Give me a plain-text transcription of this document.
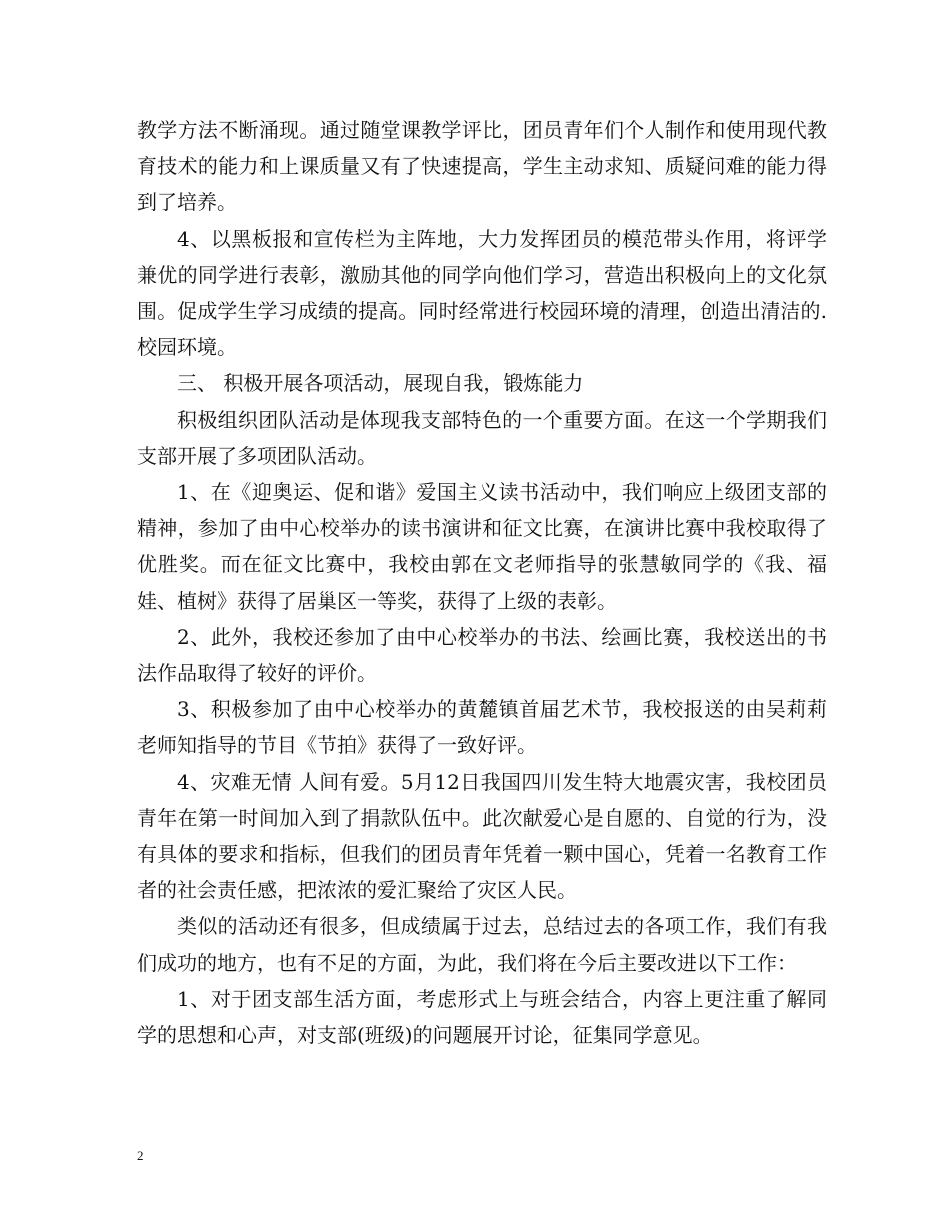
教学方法不断涌现。通过随堂课教学评比，团员青年们个人制作和使用现代教育技术的能力和上课质量又有了快速提高，学生主动求知、质疑问难的能力得到了培养。

4、以黑板报和宣传栏为主阵地，大力发挥团员的模范带头作用，将评学兼优的同学进行表彰，激励其他的同学向他们学习，营造出积极向上的文化氛围。促成学生学习成绩的提高。同时经常进行校园环境的清理，创造出清洁的.校园环境。

三、 积极开展各项活动，展现自我，锻炼能力

积极组织团队活动是体现我支部特色的一个重要方面。在这一个学期我们支部开展了多项团队活动。

1、在《迎奥运、促和谐》爱国主义读书活动中，我们响应上级团支部的精神，参加了由中心校举办的读书演讲和征文比赛，在演讲比赛中我校取得了优胜奖。而在征文比赛中，我校由郭在文老师指导的张慧敏同学的《我、福娃、植树》获得了居巢区一等奖，获得了上级的表彰。

2、此外，我校还参加了由中心校举办的书法、绘画比赛，我校送出的书法作品取得了较好的评价。

3、积极参加了由中心校举办的黄麓镇首届艺术节，我校报送的由吴莉莉老师知指导的节目《节拍》获得了一致好评。

4、灾难无情 人间有爱。5月12日我国四川发生特大地震灾害，我校团员青年在第一时间加入到了捐款队伍中。此次献爱心是自愿的、自觉的行为，没有具体的要求和指标，但我们的团员青年凭着一颗中国心，凭着一名教育工作者的社会责任感，把浓浓的爱汇聚给了灾区人民。

类似的活动还有很多，但成绩属于过去，总结过去的各项工作，我们有我们成功的地方，也有不足的方面，为此，我们将在今后主要改进以下工作：

1、对于团支部生活方面，考虑形式上与班会结合，内容上更注重了解同学的思想和心声，对支部(班级)的问题展开讨论，征集同学意见。

2
